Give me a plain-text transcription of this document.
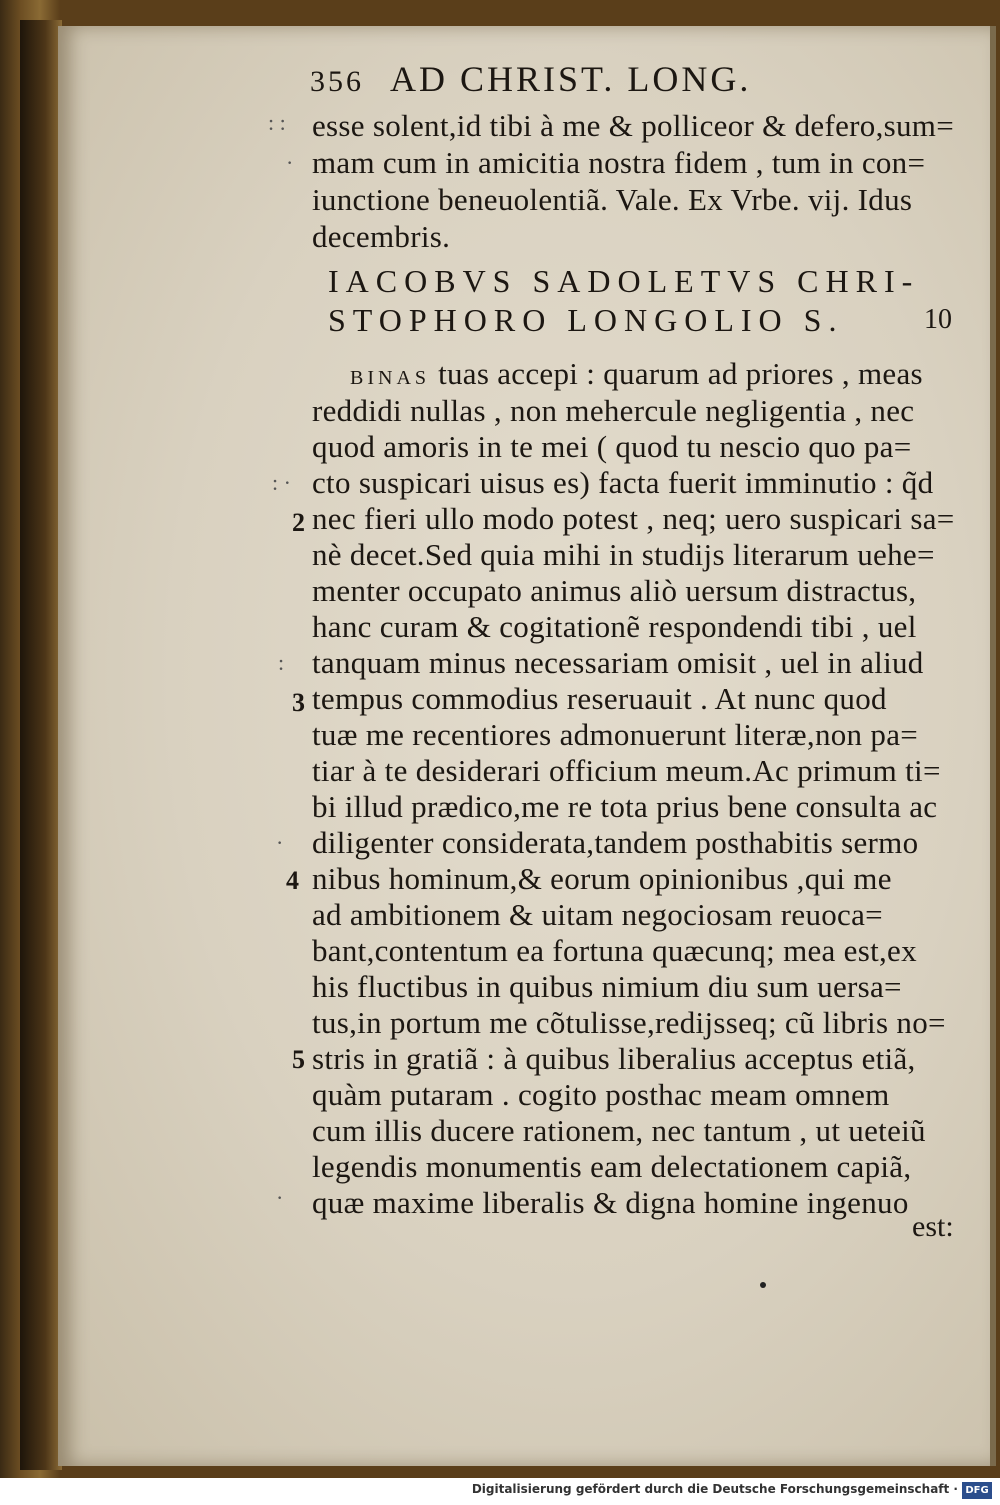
356 AD CHRIST. LONG.
esse solent,id tibi à me & polliceor & defero,sum=
mam cum in amicitia nostra fidem , tum in con=
iunctione beneuolentiã. Vale. Ex Vrbe. vij. Idus
decembris.
IACOBVS SADOLETVS CHRI-
STOPHORO LONGOLIO S.	10
BINAS tuas accepi : quarum ad priores , meas
reddidi nullas , non mehercule negligentia , nec
quod amoris in te mei ( quod tu nescio quo pa=
cto suspicari uisus es) facta fuerit imminutio : q̃d
nec fieri ullo modo potest , neq; uero suspicari sa=
nè decet.Sed quia mihi in studijs literarum uehe=
menter occupato animus aliò uersum distractus,
hanc curam & cogitationẽ respondendi tibi , uel
tanquam minus necessariam omisit , uel in aliud
tempus commodius reseruauit . At nunc quod
tuæ me recentiores admonuerunt literæ,non pa=
tiar à te desiderari officium meum.Ac primum ti=
bi illud prædico,me re tota prius bene consulta ac
diligenter considerata,tandem posthabitis sermo
nibus hominum,& eorum opinionibus ,qui me
ad ambitionem & uitam negociosam reuoca=
bant,contentum ea fortuna quæcunq; mea est,ex
his fluctibus in quibus nimium diu sum uersa=
tus,in portum me cõtulisse,redijsseq; cũ libris no=
stris in gratiã : à quibus liberalius acceptus etiã,
quàm putaram . cogito posthac meam omnem
cum illis ducere rationem, nec tantum , ut ueteiũ
legendis monumentis eam delectationem capiã,
quæ maxime liberalis & digna homine ingenuo
est:
2
3
4
5
: :
·
: ·
:
·
·
Digitalisierung gefördert durch die Deutsche Forschungsgemeinschaft · DFG
